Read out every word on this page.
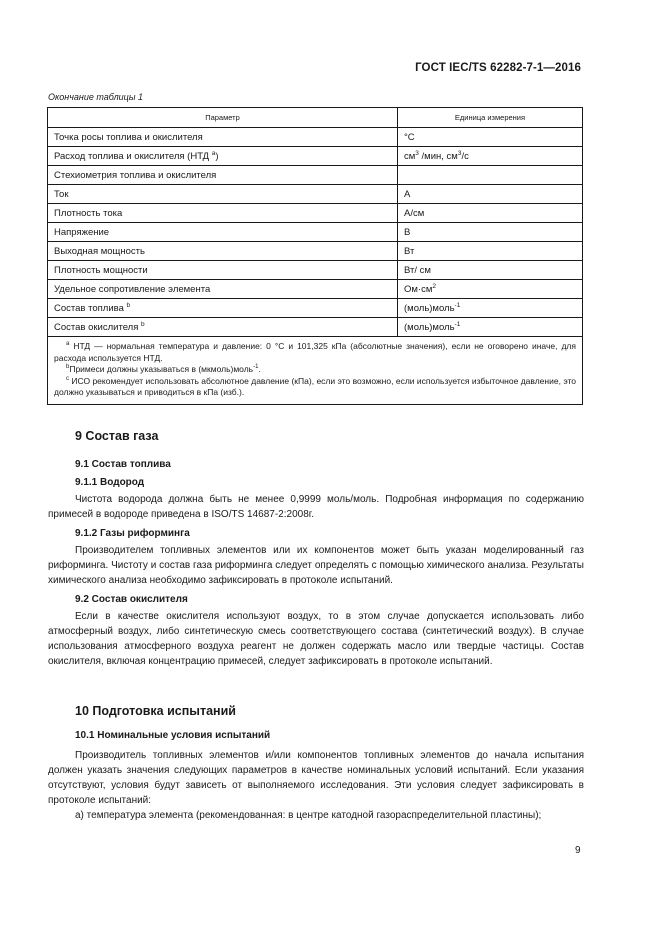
ГОСТ IEC/TS 62282-7-1—2016
Окончание таблицы 1
Параметр	Единица измерения
Точка росы топлива и окислителя	°С
Расход топлива и окислителя (НТД $^a$)	$см^3$ /мин, $см^3/с$
Стехиометрия топлива и окислителя	
Ток	А
Плотность тока	А/см
Напряжение	В
Выходная мощность	Вт
Плотность мощности	Вт/ см
Удельное сопротивление элемента	$Ом\cdot см^2$
Состав топлива $^b$	(моль)моль$^{-1}$
Состав окислителя $^b$	(моль)моль$^{-1}$

$^a$ НТД — нормальная температура и давление: 0 °С и 101,325 кПа (абсолютные значения), если не оговорено иначе, для расхода используется НТД.

$^b$Примеси должны указываться в (мкмоль)моль$^{-1}$.

$^c$ ИСО рекомендует использовать абсолютное давление (кПа), если это возможно, если используется избыточное давление, это должно указываться и приводиться в кПа (изб.).	

9 Состав газа
9.1 Состав топлива
9.1.1 Водород

Чистота водорода должна быть не менее 0,9999 моль/моль. Подробная информация по содержанию примесей в водороде приведена в ISO/TS 14687-2:2008г.

9.1.2 Газы риформинга

Производителем топливных элементов или их компонентов может быть указан моделированный газ риформинга. Чистоту и состав газа риформинга следует определять с помощью химического анализа. Результаты химического анализа необходимо зафиксировать в протоколе испытаний.

9.2 Состав окислителя

Если в качестве окислителя используют воздух, то в этом случае допускается использовать либо атмосферный воздух, либо синтетическую смесь соответствующего состава (синтетический воздух). В случае использования атмосферного воздуха реагент не должен содержать масло или твердые частицы. Состав окислителя, включая концентрацию примесей, следует зафиксировать в протоколе испытаний.

10 Подготовка испытаний
10.1 Номинальные условия испытаний

Производитель топливных элементов и/или компонентов топливных элементов до начала испытания должен указать значения следующих параметров в качестве номинальных условий испытаний. Если указания отсутствуют, условия будут зависеть от выполняемого исследования. Эти условия следует зафиксировать в протоколе испытаний:

а) температура элемента (рекомендованная: в центре катодной газораспределительной пластины);

9
